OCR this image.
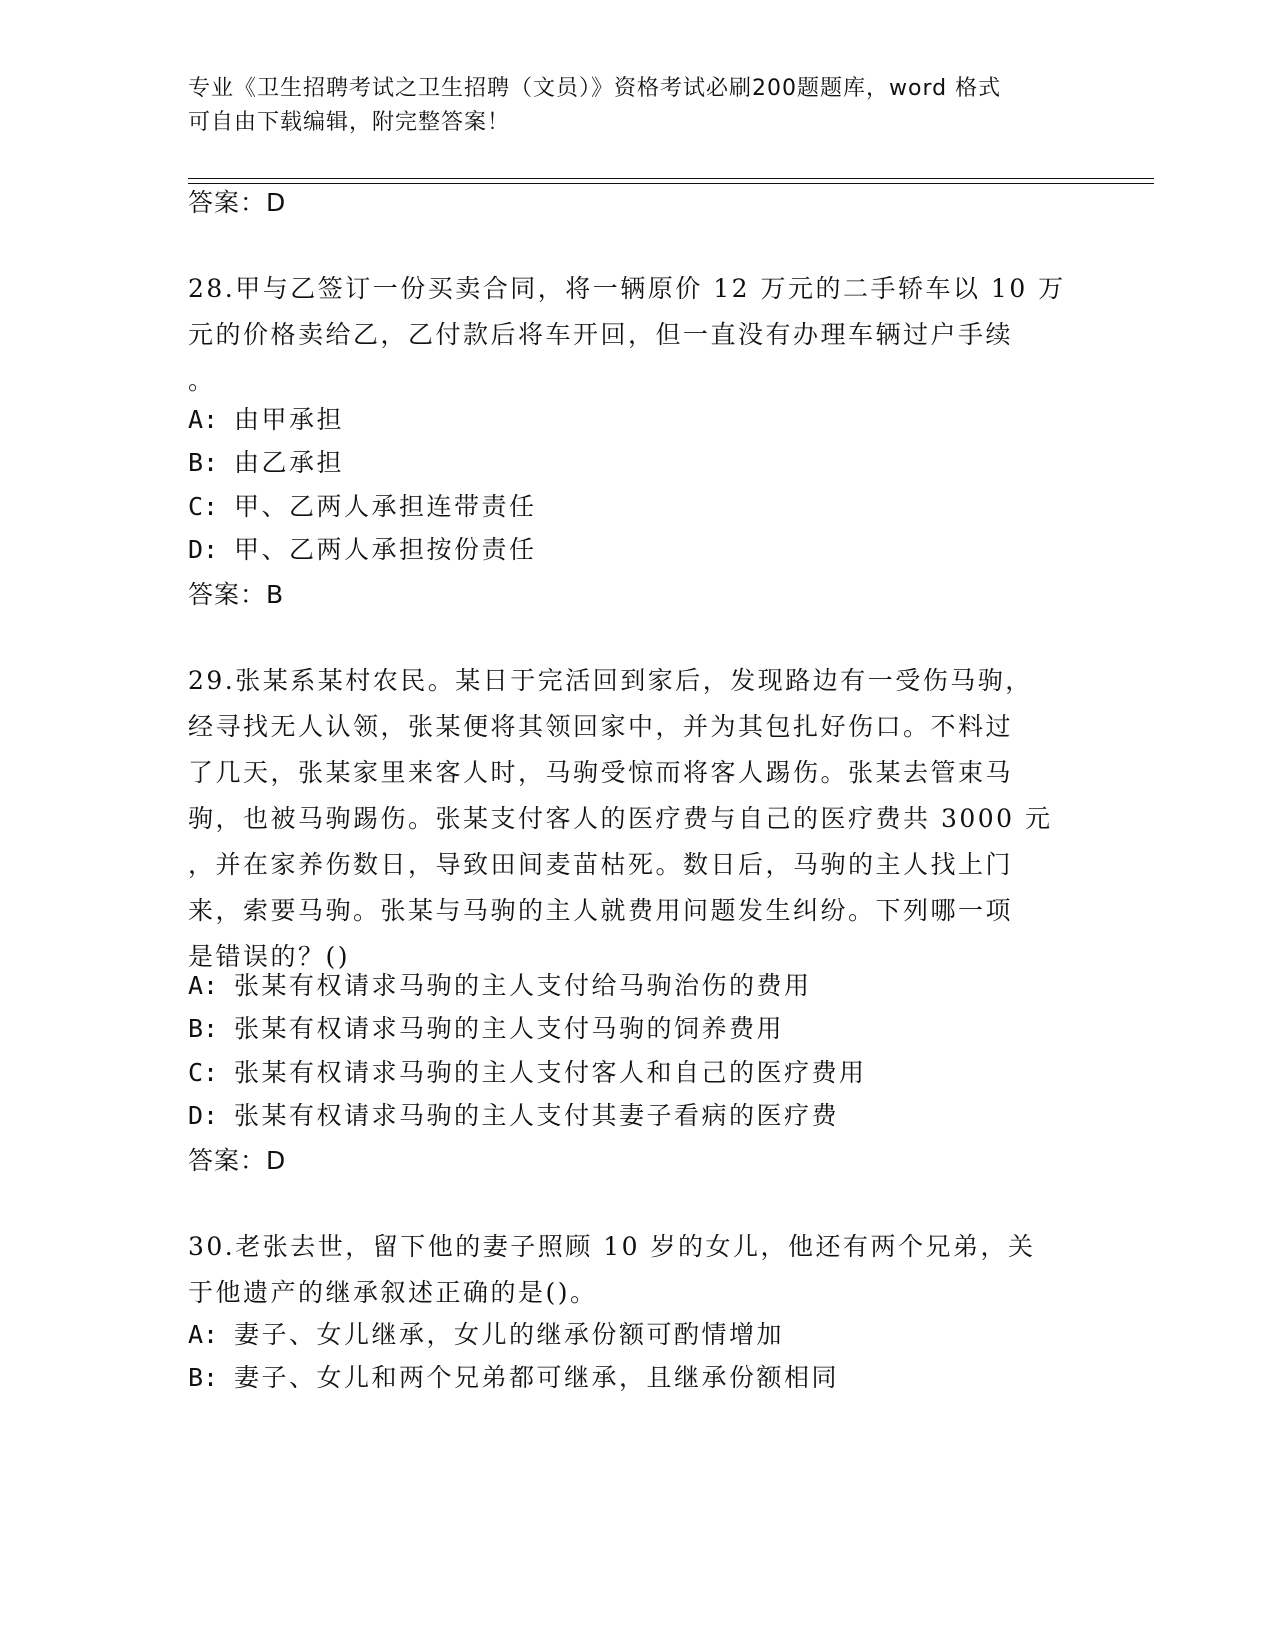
专业《卫生招聘考试之卫生招聘（文员）》资格考试必刷200题题库，word 格式
可自由下载编辑，附完整答案！
答案：D
28.甲与乙签订一份买卖合同，将一辆原价 12 万元的二手轿车以 10 万
元的价格卖给乙，乙付款后将车开回，但一直没有办理车辆过户手续
。
A: 由甲承担
B: 由乙承担
C: 甲、乙两人承担连带责任
D: 甲、乙两人承担按份责任
答案：B
29.张某系某村农民。某日于完活回到家后，发现路边有一受伤马驹，
经寻找无人认领，张某便将其领回家中，并为其包扎好伤口。不料过
了几天，张某家里来客人时，马驹受惊而将客人踢伤。张某去管束马
驹，也被马驹踢伤。张某支付客人的医疗费与自己的医疗费共 3000 元
，并在家养伤数日，导致田间麦苗枯死。数日后，马驹的主人找上门
来，索要马驹。张某与马驹的主人就费用问题发生纠纷。下列哪一项
是错误的？()
A: 张某有权请求马驹的主人支付给马驹治伤的费用
B: 张某有权请求马驹的主人支付马驹的饲养费用
C: 张某有权请求马驹的主人支付客人和自己的医疗费用
D: 张某有权请求马驹的主人支付其妻子看病的医疗费
答案：D
30.老张去世，留下他的妻子照顾 10 岁的女儿，他还有两个兄弟，关
于他遗产的继承叙述正确的是()。
A: 妻子、女儿继承，女儿的继承份额可酌情增加
B: 妻子、女儿和两个兄弟都可继承，且继承份额相同
